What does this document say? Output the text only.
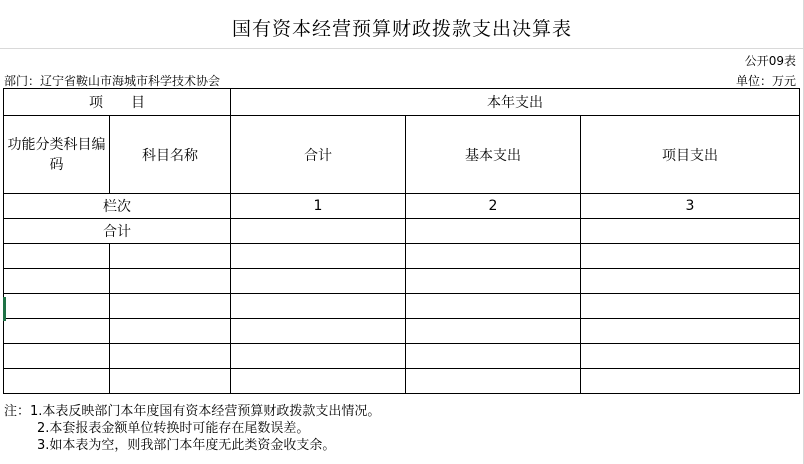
国有资本经营预算财政拨款支出决算表
公开09表
部门：辽宁省鞍山市海城市科学技术协会	单位：万元
项　　目		本年支出		
功能分类科目编码	科目名称	合计	基本支出	项目支出
栏次		1	2	3
合计				

注：1.本表反映部门本年度国有资本经营预算财政拨款支出情况。
2.本套报表金额单位转换时可能存在尾数误差。
3.如本表为空，则我部门本年度无此类资金收支余。
